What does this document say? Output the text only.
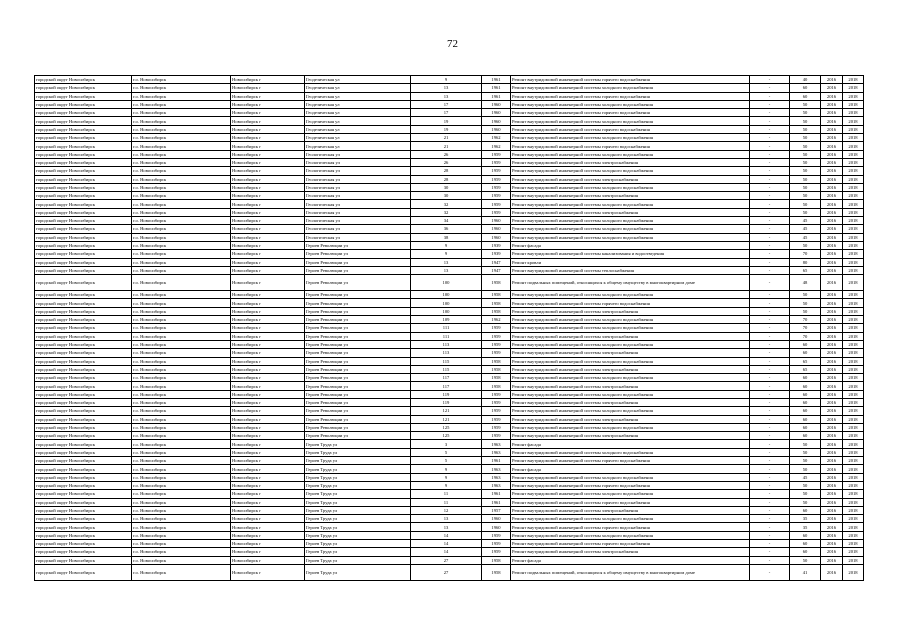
72
городской округ Новосибирск	г.о. Новосибирск	Новосибирск г	Геодезическая ул	9	1961	Ремонт внутридомовой инженерной системы горячего водоснабжения	-	40	2016	2018
городской округ Новосибирск	г.о. Новосибирск	Новосибирск г	Геодезическая ул	13	1961	Ремонт внутридомовой инженерной системы холодного водоснабжения	-	60	2016	2018
городской округ Новосибирск	г.о. Новосибирск	Новосибирск г	Геодезическая ул	13	1961	Ремонт внутридомовой инженерной системы горячего водоснабжения	-	60	2016	2018
городской округ Новосибирск	г.о. Новосибирск	Новосибирск г	Геодезическая ул	17	1960	Ремонт внутридомовой инженерной системы холодного водоснабжения	-	50	2016	2018
городской округ Новосибирск	г.о. Новосибирск	Новосибирск г	Геодезическая ул	17	1960	Ремонт внутридомовой инженерной системы горячего водоснабжения	-	50	2016	2018
городской округ Новосибирск	г.о. Новосибирск	Новосибирск г	Геодезическая ул	19	1960	Ремонт внутридомовой инженерной системы холодного водоснабжения	-	50	2016	2018
городской округ Новосибирск	г.о. Новосибирск	Новосибирск г	Геодезическая ул	19	1960	Ремонт внутридомовой инженерной системы горячего водоснабжения	-	50	2016	2018
городской округ Новосибирск	г.о. Новосибирск	Новосибирск г	Геодезическая ул	21	1962	Ремонт внутридомовой инженерной системы холодного водоснабжения	-	50	2016	2018
городской округ Новосибирск	г.о. Новосибирск	Новосибирск г	Геодезическая ул	21	1962	Ремонт внутридомовой инженерной системы горячего водоснабжения	-	50	2016	2018
городской округ Новосибирск	г.о. Новосибирск	Новосибирск г	Геологическая ул	26	1959	Ремонт внутридомовой инженерной системы холодного водоснабжения	-	50	2016	2018
городской округ Новосибирск	г.о. Новосибирск	Новосибирск г	Геологическая ул	26	1959	Ремонт внутридомовой инженерной системы электроснабжения	-	50	2016	2018
городской округ Новосибирск	г.о. Новосибирск	Новосибирск г	Геологическая ул	28	1959	Ремонт внутридомовой инженерной системы холодного водоснабжения	-	50	2016	2018
городской округ Новосибирск	г.о. Новосибирск	Новосибирск г	Геологическая ул	28	1959	Ремонт внутридомовой инженерной системы электроснабжения	-	50	2016	2018
городской округ Новосибирск	г.о. Новосибирск	Новосибирск г	Геологическая ул	30	1959	Ремонт внутридомовой инженерной системы холодного водоснабжения	-	50	2016	2018
городской округ Новосибирск	г.о. Новосибирск	Новосибирск г	Геологическая ул	30	1959	Ремонт внутридомовой инженерной системы электроснабжения	-	50	2016	2018
городской округ Новосибирск	г.о. Новосибирск	Новосибирск г	Геологическая ул	32	1959	Ремонт внутридомовой инженерной системы холодного водоснабжения	-	50	2016	2018
городской округ Новосибирск	г.о. Новосибирск	Новосибирск г	Геологическая ул	32	1959	Ремонт внутридомовой инженерной системы электроснабжения	-	50	2016	2018
городской округ Новосибирск	г.о. Новосибирск	Новосибирск г	Геологическая ул	34	1960	Ремонт внутридомовой инженерной системы холодного водоснабжения	-	45	2016	2018
городской округ Новосибирск	г.о. Новосибирск	Новосибирск г	Геологическая ул	36	1960	Ремонт внутридомовой инженерной системы холодного водоснабжения	-	45	2016	2018
городской округ Новосибирск	г.о. Новосибирск	Новосибирск г	Геологическая ул	38	1960	Ремонт внутридомовой инженерной системы холодного водоснабжения	-	45	2016	2018
городской округ Новосибирск	г.о. Новосибирск	Новосибирск г	Героев Революции ул	9	1939	Ремонт фасада	-	50	2016	2018
городской округ Новосибирск	г.о. Новосибирск	Новосибирск г	Героев Революции ул	9	1939	Ремонт внутридомовой инженерной системы канализования и водоотведения	-	70	2016	2018
городской округ Новосибирск	г.о. Новосибирск	Новосибирск г	Героев Революции ул	13	1947	Ремонт кровли	-	80	2016	2018
городской округ Новосибирск	г.о. Новосибирск	Новосибирск г	Героев Революции ул	13	1947	Ремонт внутридомовой инженерной системы теплоснабжения	-	65	2016	2018
городской округ Новосибирск	г.о. Новосибирск	Новосибирск г	Героев Революции ул	100	1958	Ремонт подвальных помещений, относящихся к общему имуществу в многоквартирном доме	-	48	2016	2018
городской округ Новосибирск	г.о. Новосибирск	Новосибирск г	Героев Революции ул	100	1958	Ремонт внутридомовой инженерной системы холодного водоснабжения	-	50	2016	2018
городской округ Новосибирск	г.о. Новосибирск	Новосибирск г	Героев Революции ул	100	1958	Ремонт внутридомовой инженерной системы горячего водоснабжения	-	50	2016	2018
городской округ Новосибирск	г.о. Новосибирск	Новосибирск г	Героев Революции ул	100	1958	Ремонт внутридомовой инженерной системы электроснабжения	-	50	2016	2018
городской округ Новосибирск	г.о. Новосибирск	Новосибирск г	Героев Революции ул	109	1962	Ремонт внутридомовой инженерной системы холодного водоснабжения	-	70	2016	2018
городской округ Новосибирск	г.о. Новосибирск	Новосибирск г	Героев Революции ул	111	1959	Ремонт внутридомовой инженерной системы холодного водоснабжения	-	70	2016	2018
городской округ Новосибирск	г.о. Новосибирск	Новосибирск г	Героев Революции ул	111	1959	Ремонт внутридомовой инженерной системы электроснабжения	-	70	2016	2018
городской округ Новосибирск	г.о. Новосибирск	Новосибирск г	Героев Революции ул	113	1959	Ремонт внутридомовой инженерной системы холодного водоснабжения	-	60	2016	2018
городской округ Новосибирск	г.о. Новосибирск	Новосибирск г	Героев Революции ул	113	1959	Ремонт внутридомовой инженерной системы электроснабжения	-	60	2016	2018
городской округ Новосибирск	г.о. Новосибирск	Новосибирск г	Героев Революции ул	115	1958	Ремонт внутридомовой инженерной системы холодного водоснабжения	-	65	2016	2018
городской округ Новосибирск	г.о. Новосибирск	Новосибирск г	Героев Революции ул	115	1958	Ремонт внутридомовой инженерной системы электроснабжения	-	65	2016	2018
городской округ Новосибирск	г.о. Новосибирск	Новосибирск г	Героев Революции ул	117	1958	Ремонт внутридомовой инженерной системы холодного водоснабжения	-	60	2016	2018
городской округ Новосибирск	г.о. Новосибирск	Новосибирск г	Героев Революции ул	117	1958	Ремонт внутридомовой инженерной системы электроснабжения	-	60	2016	2018
городской округ Новосибирск	г.о. Новосибирск	Новосибирск г	Героев Революции ул	119	1959	Ремонт внутридомовой инженерной системы холодного водоснабжения	-	60	2016	2018
городской округ Новосибирск	г.о. Новосибирск	Новосибирск г	Героев Революции ул	119	1959	Ремонт внутридомовой инженерной системы электроснабжения	-	60	2016	2018
городской округ Новосибирск	г.о. Новосибирск	Новосибирск г	Героев Революции ул	121	1959	Ремонт внутридомовой инженерной системы холодного водоснабжения	-	60	2016	2018
городской округ Новосибирск	г.о. Новосибирск	Новосибирск г	Героев Революции ул	121	1959	Ремонт внутридомовой инженерной системы электроснабжения	-	60	2016	2018
городской округ Новосибирск	г.о. Новосибирск	Новосибирск г	Героев Революции ул	125	1959	Ремонт внутридомовой инженерной системы холодного водоснабжения	-	60	2016	2018
городской округ Новосибирск	г.о. Новосибирск	Новосибирск г	Героев Революции ул	125	1959	Ремонт внутридомовой инженерной системы электроснабжения	-	60	2016	2018
городской округ Новосибирск	г.о. Новосибирск	Новосибирск г	Героев Труда ул	3	1963	Ремонт фасада	-	50	2016	2018
городской округ Новосибирск	г.о. Новосибирск	Новосибирск г	Героев Труда ул	5	1963	Ремонт внутридомовой инженерной системы холодного водоснабжения	-	50	2016	2018
городской округ Новосибирск	г.о. Новосибирск	Новосибирск г	Героев Труда ул	5	1961	Ремонт внутридомовой инженерной системы горячего водоснабжения	-	50	2016	2018
городской округ Новосибирск	г.о. Новосибирск	Новосибирск г	Героев Труда ул	9	1963	Ремонт фасада	-	50	2016	2018
городской округ Новосибирск	г.о. Новосибирск	Новосибирск г	Героев Труда ул	9	1963	Ремонт внутридомовой инженерной системы холодного водоснабжения	-	45	2016	2018
городской округ Новосибирск	г.о. Новосибирск	Новосибирск г	Героев Труда ул	9	1963	Ремонт внутридомовой инженерной системы горячего водоснабжения	-	50	2016	2018
городской округ Новосибирск	г.о. Новосибирск	Новосибирск г	Героев Труда ул	11	1961	Ремонт внутридомовой инженерной системы холодного водоснабжения	-	50	2016	2018
городской округ Новосибирск	г.о. Новосибирск	Новосибирск г	Героев Труда ул	11	1961	Ремонт внутридомовой инженерной системы горячего водоснабжения	-	50	2016	2018
городской округ Новосибирск	г.о. Новосибирск	Новосибирск г	Героев Труда ул	12	1957	Ремонт внутридомовой инженерной системы электроснабжения	-	60	2016	2018
городской округ Новосибирск	г.о. Новосибирск	Новосибирск г	Героев Труда ул	13	1960	Ремонт внутридомовой инженерной системы холодного водоснабжения	-	35	2016	2018
городской округ Новосибирск	г.о. Новосибирск	Новосибирск г	Героев Труда ул	13	1960	Ремонт внутридомовой инженерной системы горячего водоснабжения	-	35	2016	2018
городской округ Новосибирск	г.о. Новосибирск	Новосибирск г	Героев Труда ул	14	1959	Ремонт внутридомовой инженерной системы холодного водоснабжения	-	60	2016	2018
городской округ Новосибирск	г.о. Новосибирск	Новосибирск г	Героев Труда ул	14	1959	Ремонт внутридомовой инженерной системы горячего водоснабжения	-	60	2016	2018
городской округ Новосибирск	г.о. Новосибирск	Новосибирск г	Героев Труда ул	14	1959	Ремонт внутридомовой инженерной системы электроснабжения	-	60	2016	2018
городской округ Новосибирск	г.о. Новосибирск	Новосибирск г	Героев Труда ул	27	1958	Ремонт фасада	-	50	2016	2018
городской округ Новосибирск	г.о. Новосибирск	Новосибирск г	Героев Труда ул	27	1958	Ремонт подвальных помещений, относящихся к общему имуществу в многоквартирном доме	-	41	2016	2018
